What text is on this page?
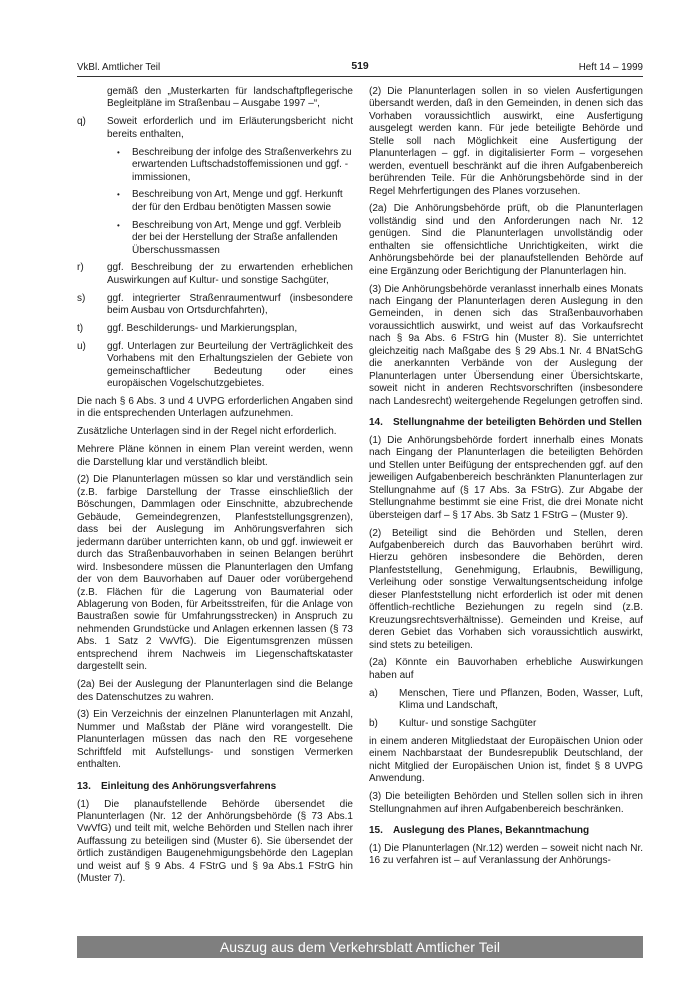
VkBl. Amtlicher Teil	519	Heft 14 – 1999
gemäß den „Musterkarten für landschaftpflegerische Begleitpläne im Straßenbau – Ausgabe 1997 –“,
q) Soweit erforderlich und im Erläuterungsbericht nicht bereits enthalten,
• Beschreibung der infolge des Straßenverkehrs zu erwartenden Luftschadstoffemissionen und ggf. -immissionen,
• Beschreibung von Art, Menge und ggf. Herkunft der für den Erdbau benötigten Massen sowie
• Beschreibung von Art, Menge und ggf. Verbleib der bei der Herstellung der Straße anfallenden Überschussmassen
r) ggf. Beschreibung der zu erwartenden erheblichen Auswirkungen auf Kultur- und sonstige Sachgüter,
s) ggf. integrierter Straßenraumentwurf (insbesondere beim Ausbau von Ortsdurchfahrten),
t) ggf. Beschilderungs- und Markierungsplan,
u) ggf. Unterlagen zur Beurteilung der Verträglichkeit des Vorhabens mit den Erhaltungszielen der Gebiete von gemeinschaftlicher Bedeutung oder eines europäischen Vogelschutzgebietes.

Die nach § 6 Abs. 3 und 4 UVPG erforderlichen Angaben sind in die entsprechenden Unterlagen aufzunehmen.

Zusätzliche Unterlagen sind in der Regel nicht erforderlich.

Mehrere Pläne können in einem Plan vereint werden, wenn die Darstellung klar und verständlich bleibt.

(2) Die Planunterlagen müssen so klar und verständlich sein (z.B. farbige Darstellung der Trasse einschließlich der Böschungen, Dammlagen oder Einschnitte, abzubrechende Gebäude, Gemeindegrenzen, Planfeststellungsgrenzen), dass bei der Auslegung im Anhörungsverfahren sich jedermann darüber unterrichten kann, ob und ggf. inwieweit er durch das Straßenbauvorhaben in seinen Belangen berührt wird. Insbesondere müssen die Planunterlagen den Umfang der von dem Bauvorhaben auf Dauer oder vorübergehend (z.B. Flächen für die Lagerung von Baumaterial oder Ablagerung von Boden, für Arbeitsstreifen, für die Anlage von Baustraßen sowie für Umfahrungsstrecken) in Anspruch zu nehmenden Grundstücke und Anlagen erkennen lassen (§ 73 Abs. 1 Satz 2 VwVfG). Die Eigentumsgrenzen müssen entsprechend ihrem Nachweis im Liegenschaftskataster dargestellt sein.

(2a) Bei der Auslegung der Planunterlagen sind die Belange des Datenschutzes zu wahren.

(3) Ein Verzeichnis der einzelnen Planunterlagen mit Anzahl, Nummer und Maßstab der Pläne wird vorangestellt. Die Planunterlagen müssen das nach den RE vorgesehene Schriftfeld mit Aufstellungs- und sonstigen Vermerken enthalten.

13.	Einleitung des Anhörungsverfahrens

(1) Die planaufstellende Behörde übersendet die Planunterlagen (Nr. 12 der Anhörungsbehörde (§ 73 Abs.1 VwVfG) und teilt mit, welche Behörden und Stellen nach ihrer Auffassung zu beteiligen sind (Muster 6). Sie übersendet der örtlich zuständigen Baugenehmigungsbehörde den Lageplan und weist auf § 9 Abs. 4 FStrG und § 9a Abs.1 FStrG hin (Muster 7).

(2) Die Planunterlagen sollen in so vielen Ausfertigungen übersandt werden, daß in den Gemeinden, in denen sich das Vorhaben voraussichtlich auswirkt, eine Ausfertigung ausgelegt werden kann. Für jede beteiligte Behörde und Stelle soll nach Möglichkeit eine Ausfertigung der Planunterlagen – ggf. in digitalisierter Form – vorgesehen werden, eventuell beschränkt auf die ihren Aufgabenbereich berührenden Teile. Für die Anhörungsbehörde sind in der Regel Mehrfertigungen des Planes vorzusehen.

(2a) Die Anhörungsbehörde prüft, ob die Planunterlagen vollständig sind und den Anforderungen nach Nr. 12 genügen. Sind die Planunterlagen unvollständig oder enthalten sie offensichtliche Unrichtigkeiten, wirkt die Anhörungsbehörde bei der planaufstellenden Behörde auf eine Ergänzung oder Berichtigung der Planunterlagen hin.

(3) Die Anhörungsbehörde veranlasst innerhalb eines Monats nach Eingang der Planunterlagen deren Auslegung in den Gemeinden, in denen sich das Straßenbauvorhaben voraussichtlich auswirkt, und weist auf das Vorkaufsrecht nach § 9a Abs. 6 FStrG hin (Muster 8). Sie unterrichtet gleichzeitig nach Maßgabe des § 29 Abs.1 Nr. 4 BNatSchG die anerkannten Verbände von der Auslegung der Planunterlagen unter Übersendung einer Übersichtskarte, soweit nicht in anderen Rechtsvorschriften (insbesondere nach Landesrecht) weitergehende Regelungen getroffen sind.

14.	Stellungnahme der beteiligten Behörden und Stellen

(1) Die Anhörungsbehörde fordert innerhalb eines Monats nach Eingang der Planunterlagen die beteiligten Behörden und Stellen unter Beifügung der entsprechenden ggf. auf den jeweiligen Aufgabenbereich beschränkten Planunterlagen zur Stellungnahme auf (§ 17 Abs. 3a FStrG). Zur Abgabe der Stellungnahme bestimmt sie eine Frist, die drei Monate nicht übersteigen darf – § 17 Abs. 3b Satz 1 FStrG – (Muster 9).

(2) Beteiligt sind die Behörden und Stellen, deren Aufgabenbereich durch das Bauvorhaben berührt wird. Hierzu gehören insbesondere die Behörden, deren Planfeststellung, Genehmigung, Erlaubnis, Bewilligung, Verleihung oder sonstige Verwaltungsentscheidung infolge dieser Planfeststellung nicht erforderlich ist oder mit denen öffentlich-rechtliche Beziehungen zu regeln sind (z.B. Kreuzungsrechtsverhältnisse). Gemeinden und Kreise, auf deren Gebiet das Vorhaben sich voraussichtlich auswirkt, sind stets zu beteiligen.

(2a) Könnte ein Bauvorhaben erhebliche Auswirkungen haben auf

a) Menschen, Tiere und Pflanzen, Boden, Wasser, Luft, Klima und Landschaft,
b) Kultur- und sonstige Sachgüter

in einem anderen Mitgliedstaat der Europäischen Union oder einem Nachbarstaat der Bundesrepublik Deutschland, der nicht Mitglied der Europäischen Union ist, findet § 8 UVPG Anwendung.

(3) Die beteiligten Behörden und Stellen sollen sich in ihren Stellungnahmen auf ihren Aufgabenbereich beschränken.

15.	Auslegung des Planes, Bekanntmachung

(1) Die Planunterlagen (Nr.12) werden – soweit nicht nach Nr. 16 zu verfahren ist – auf Veranlassung der Anhörungs-

Auszug aus dem Verkehrsblatt Amtlicher Teil
